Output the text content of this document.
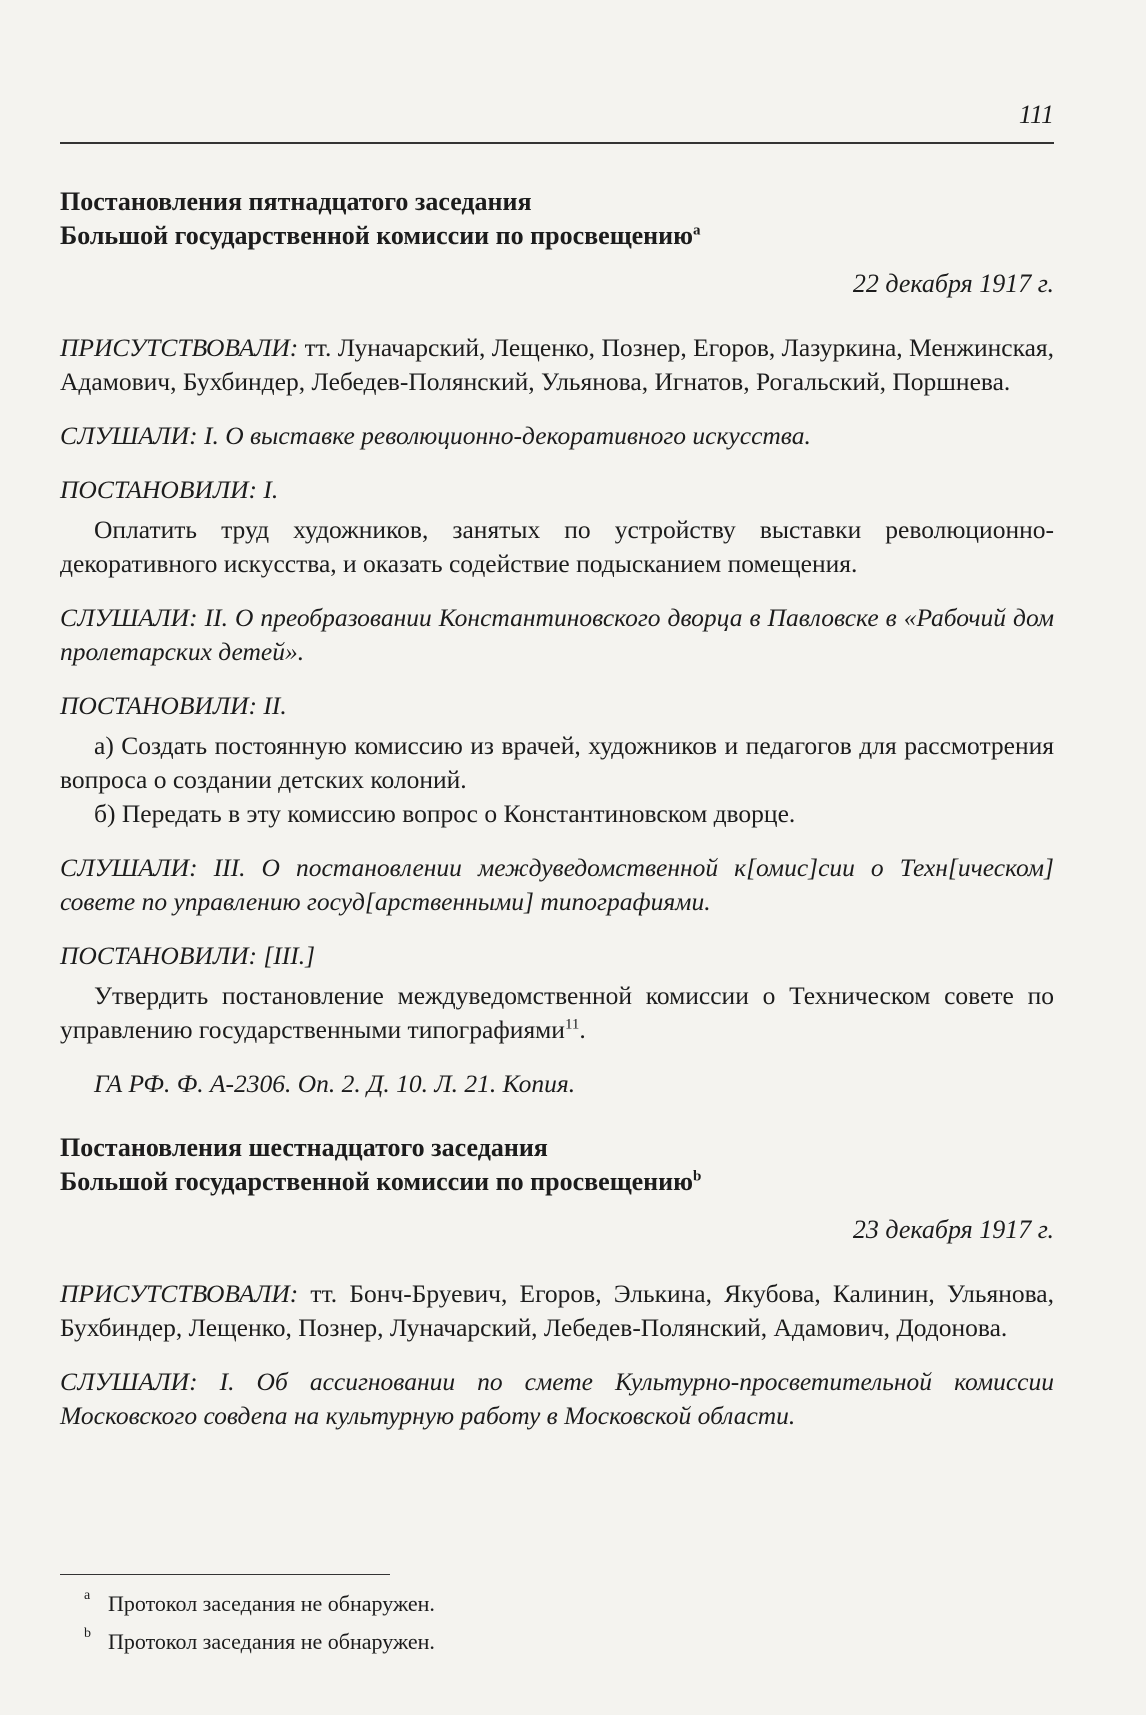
111

Постановления пятнадцатого заседания

Большой государственной комиссии по просвещению$^a$

22 декабря 1917 г.

ПРИСУТСТВОВАЛИ: тт. Луначарский, Лещенко, Познер, Егоров, Лазуркина, Менжинская, Адамович, Бухбиндер, Лебедев-Полянский, Ульянова, Игнатов, Рогальский, Поршнева.

СЛУШАЛИ: I. О выставке революционно-декоративного искусства.

ПОСТАНОВИЛИ: I.

Оплатить труд художников, занятых по устройству выставки революционно-декоративного искусства, и оказать содействие подысканием помещения.

СЛУШАЛИ: II. О преобразовании Константиновского дворца в Павловске в «Рабочий дом пролетарских детей».

ПОСТАНОВИЛИ: II.

а) Создать постоянную комиссию из врачей, художников и педагогов для рассмотрения вопроса о создании детских колоний.

б) Передать в эту комиссию вопрос о Константиновском дворце.

СЛУШАЛИ: III. О постановлении междуведомственной к[омис]сии о Техн[ическом] совете по управлению госуд[арственными] типографиями.

ПОСТАНОВИЛИ: [III.]

Утвердить постановление междуведомственной комиссии о Техническом совете по управлению государственными типографиями$^{11}$.

ГА РФ. Ф. А-2306. Оп. 2. Д. 10. Л. 21. Копия.

Постановления шестнадцатого заседания

Большой государственной комиссии по просвещению$^b$

23 декабря 1917 г.

ПРИСУТСТВОВАЛИ: тт. Бонч-Бруевич, Егоров, Элькина, Якубова, Калинин, Ульянова, Бухбиндер, Лещенко, Познер, Луначарский, Лебедев-Полянский, Адамович, Додонова.

СЛУШАЛИ: I. Об ассигновании по смете Культурно-просветительной комиссии Московского совдепа на культурную работу в Московской области.

a Протокол заседания не обнаружен.

b Протокол заседания не обнаружен.
